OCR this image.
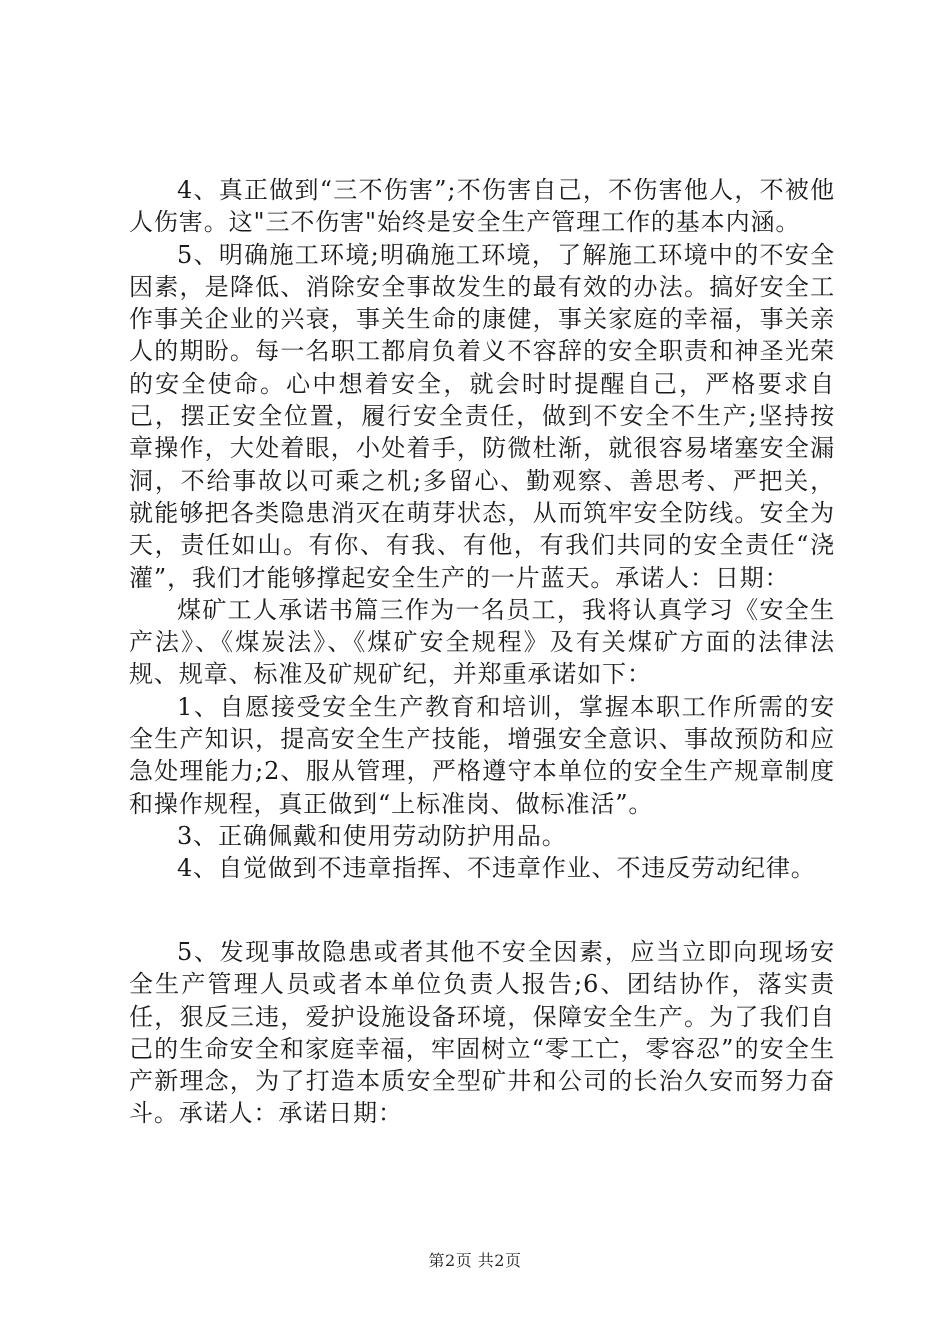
4、真正做到“三不伤害”;不伤害自己，不伤害他人，不被他人伤害。这"三不伤害"始终是安全生产管理工作的基本内涵。

5、明确施工环境;明确施工环境，了解施工环境中的不安全因素，是降低、消除安全事故发生的最有效的办法。搞好安全工作事关企业的兴衰，事关生命的康健，事关家庭的幸福，事关亲人的期盼。每一名职工都肩负着义不容辞的安全职责和神圣光荣的安全使命。心中想着安全，就会时时提醒自己，严格要求自己，摆正安全位置，履行安全责任，做到不安全不生产;坚持按章操作，大处着眼，小处着手，防微杜渐，就很容易堵塞安全漏洞，不给事故以可乘之机;多留心、勤观察、善思考、严把关，就能够把各类隐患消灭在萌芽状态，从而筑牢安全防线。安全为天，责任如山。有你、有我、有他，有我们共同的安全责任“浇灌”，我们才能够撑起安全生产的一片蓝天。承诺人：日期：

煤矿工人承诺书篇三作为一名员工，我将认真学习《安全生产法》、《煤炭法》、《煤矿安全规程》及有关煤矿方面的法律法规、规章、标准及矿规矿纪，并郑重承诺如下：

1、自愿接受安全生产教育和培训，掌握本职工作所需的安全生产知识，提高安全生产技能，增强安全意识、事故预防和应急处理能力;2、服从管理，严格遵守本单位的安全生产规章制度和操作规程，真正做到“上标准岗、做标准活”。

3、正确佩戴和使用劳动防护用品。

4、自觉做到不违章指挥、不违章作业、不违反劳动纪律。

5、发现事故隐患或者其他不安全因素，应当立即向现场安全生产管理人员或者本单位负责人报告;6、团结协作，落实责任，狠反三违，爱护设施设备环境，保障安全生产。为了我们自己的生命安全和家庭幸福，牢固树立“零工亡，零容忍”的安全生产新理念，为了打造本质安全型矿井和公司的长治久安而努力奋斗。承诺人：承诺日期：

第2页 共2页
